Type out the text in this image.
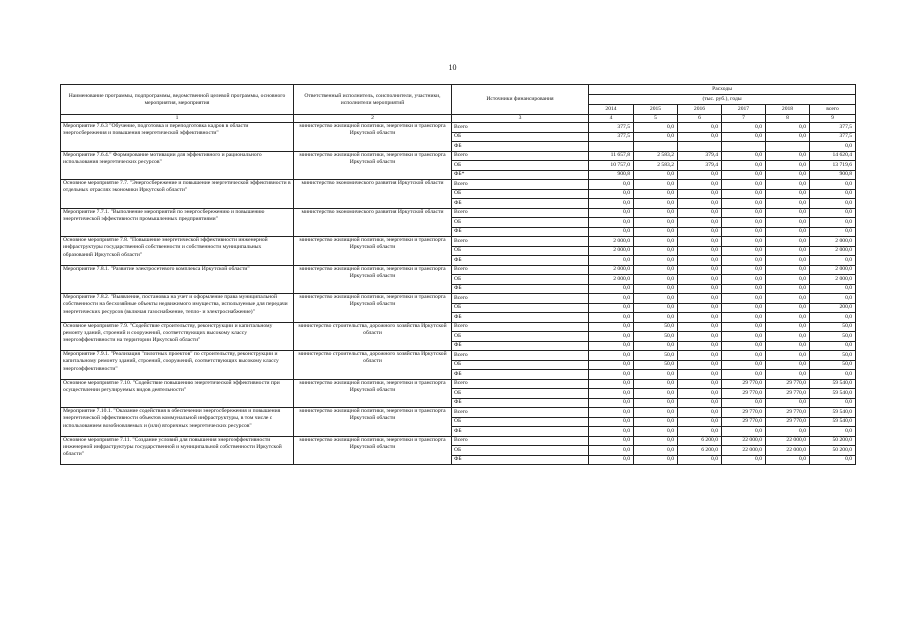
10
Наименование программы, подпрограммы, ведомственной целевой программы, основного мероприятия, мероприятия	Ответственный исполнитель, соисполнители, участники, исполнители мероприятий	Источники финансирования	Расходы					
			(тыс. руб.), годы					
			2014	2015	2016	2017	2018	всего
1	2	3	4	5	6	7	8	9
Мероприятие 7.6.3 "Обучение, подготовка и переподготовка кадров в области энергосбережения и повышения энергетической эффективности"	министерство жилищной политики, энергетики и транспорта Иркутской области	Всего	377,5	0,0	0,0	0,0	0,0	377,5
		ОБ	377,5	0,0	0,0	0,0	0,0	377,5
		ФБ						0,0
Мероприятие 7.6.4." Формирование мотивации для эффективного и рационального использования энергетических ресурсов"	министерство жилищной политики, энергетики и транспорта Иркутской области	Всего	11 657,8	2 583,2	379,4	0,0	0,0	14 620,4
		ОБ	10 757,0	2 583,2	379,4	0,0	0,0	13 719,6
		ФБ*	900,8	0,0	0,0	0,0	0,0	900,8
Основное мероприятие 7.7. "Энергосбережение и повышение энергетической эффективности в отдельных отраслях экономики Иркутской области"	министерство экономического развития Иркутской области	Всего	0,0	0,0	0,0	0,0	0,0	0,0
		ОБ	0,0	0,0	0,0	0,0	0,0	0,0
		ФБ	0,0	0,0	0,0	0,0	0,0	0,0
Мероприятие 7.7.1. "Выполнение мероприятий по энергосбережению и повышению энергетической эффективности промышленных предприятиями"	министерство экономического развития Иркутской области	Всего	0,0	0,0	0,0	0,0	0,0	0,0
		ОБ	0,0	0,0	0,0	0,0	0,0	0,0
		ФБ	0,0	0,0	0,0	0,0	0,0	0,0
Основное мероприятие 7.8. "Повышение энергетической эффективности инженерной инфраструктуры государственной собственности и собственности муниципальных образований Иркутской области"	министерство жилищной политики, энергетики и транспорта Иркутской области	Всего	2 000,0	0,0	0,0	0,0	0,0	2 000,0
		ОБ	2 000,0	0,0	0,0	0,0	0,0	2 000,0
		ФБ	0,0	0,0	0,0	0,0	0,0	0,0
Мероприятие 7.8.1. "Развитие электросетевого комплекса Иркутской области"	министерство жилищной политики, энергетики и транспорта Иркутской области	Всего	2 000,0	0,0	0,0	0,0	0,0	2 000,0
		ОБ	2 000,0	0,0	0,0	0,0	0,0	2 000,0
		ФБ	0,0	0,0	0,0	0,0	0,0	0,0
Мероприятие 7.8.2. "Выявление, постановка на учет и оформление права муниципальной собственности на бесхозяйные объекты недвижимого имущества, используемые для передачи энергетических ресурсов (включая газоснабжение, тепло- и электроснабжение)"	министерство жилищной политики, энергетики и транспорта Иркутской области	Всего	0,0	0,0	0,0	0,0	0,0	0,0
		ОБ	0,0	0,0	0,0	0,0	0,0	200,0
		ФБ	0,0	0,0	0,0	0,0	0,0	0,0
Основное мероприятие 7.9. "Содействие строительству, реконструкции и капитальному ремонту зданий, строений и сооружений, соответствующих высокому классу энергоэффективности на территории Иркутской области"	министерство строительства, дорожного хозяйства Иркутской области	Всего	0,0	50,0	0,0	0,0	0,0	50,0
		ОБ	0,0	50,0	0,0	0,0	0,0	50,0
		ФБ	0,0	0,0	0,0	0,0	0,0	0,0
Мероприятие 7.9.1. "Реализация "пилотных проектов" по строительству, реконструкции и капитальному ремонту зданий, строений, сооружений, соответствующих высокому классу энергоэффективности"	министерство строительства, дорожного хозяйства Иркутской области	Всего	0,0	50,0	0,0	0,0	0,0	50,0
		ОБ	0,0	50,0	0,0	0,0	0,0	50,0
		ФБ	0,0	0,0	0,0	0,0	0,0	0,0
Основное мероприятие 7.10. "Содействие повышению энергетической эффективности при осуществлении регулируемых видов деятельности"	министерство жилищной политики, энергетики и транспорта Иркутской области	Всего	0,0	0,0	0,0	29 770,0	29 770,0	59 540,0
		ОБ	0,0	0,0	0,0	29 770,0	29 770,0	59 540,0
		ФБ	0,0	0,0	0,0	0,0	0,0	0,0
Мероприятие 7.10.1. "Оказание содействия в обеспечении энергосбережения и повышения энергетической эффективности объектов коммунальной инфраструктуры, в том числе с использованием возобновляемых и (или) вторичных энергетических ресурсов"	министерство жилищной политики, энергетики и транспорта Иркутской области	Всего	0,0	0,0	0,0	29 770,0	29 770,0	59 540,0
		ОБ	0,0	0,0	0,0	29 770,0	29 770,0	59 540,0
		ФБ	0,0	0,0	0,0	0,0	0,0	0,0
Основное мероприятие 7.11. "Создание условий для повышения энергоэффективности инженерной инфраструктуры государственной и муниципальной собственности Иркутской области"	министерство жилищной политики, энергетики и транспорта Иркутской области	Всего	0,0	0,0	6 200,0	22 000,0	22 000,0	50 200,0
		ОБ	0,0	0,0	6 200,0	22 000,0	22 000,0	50 200,0
		ФБ	0,0	0,0	0,0	0,0	0,0	0,0
